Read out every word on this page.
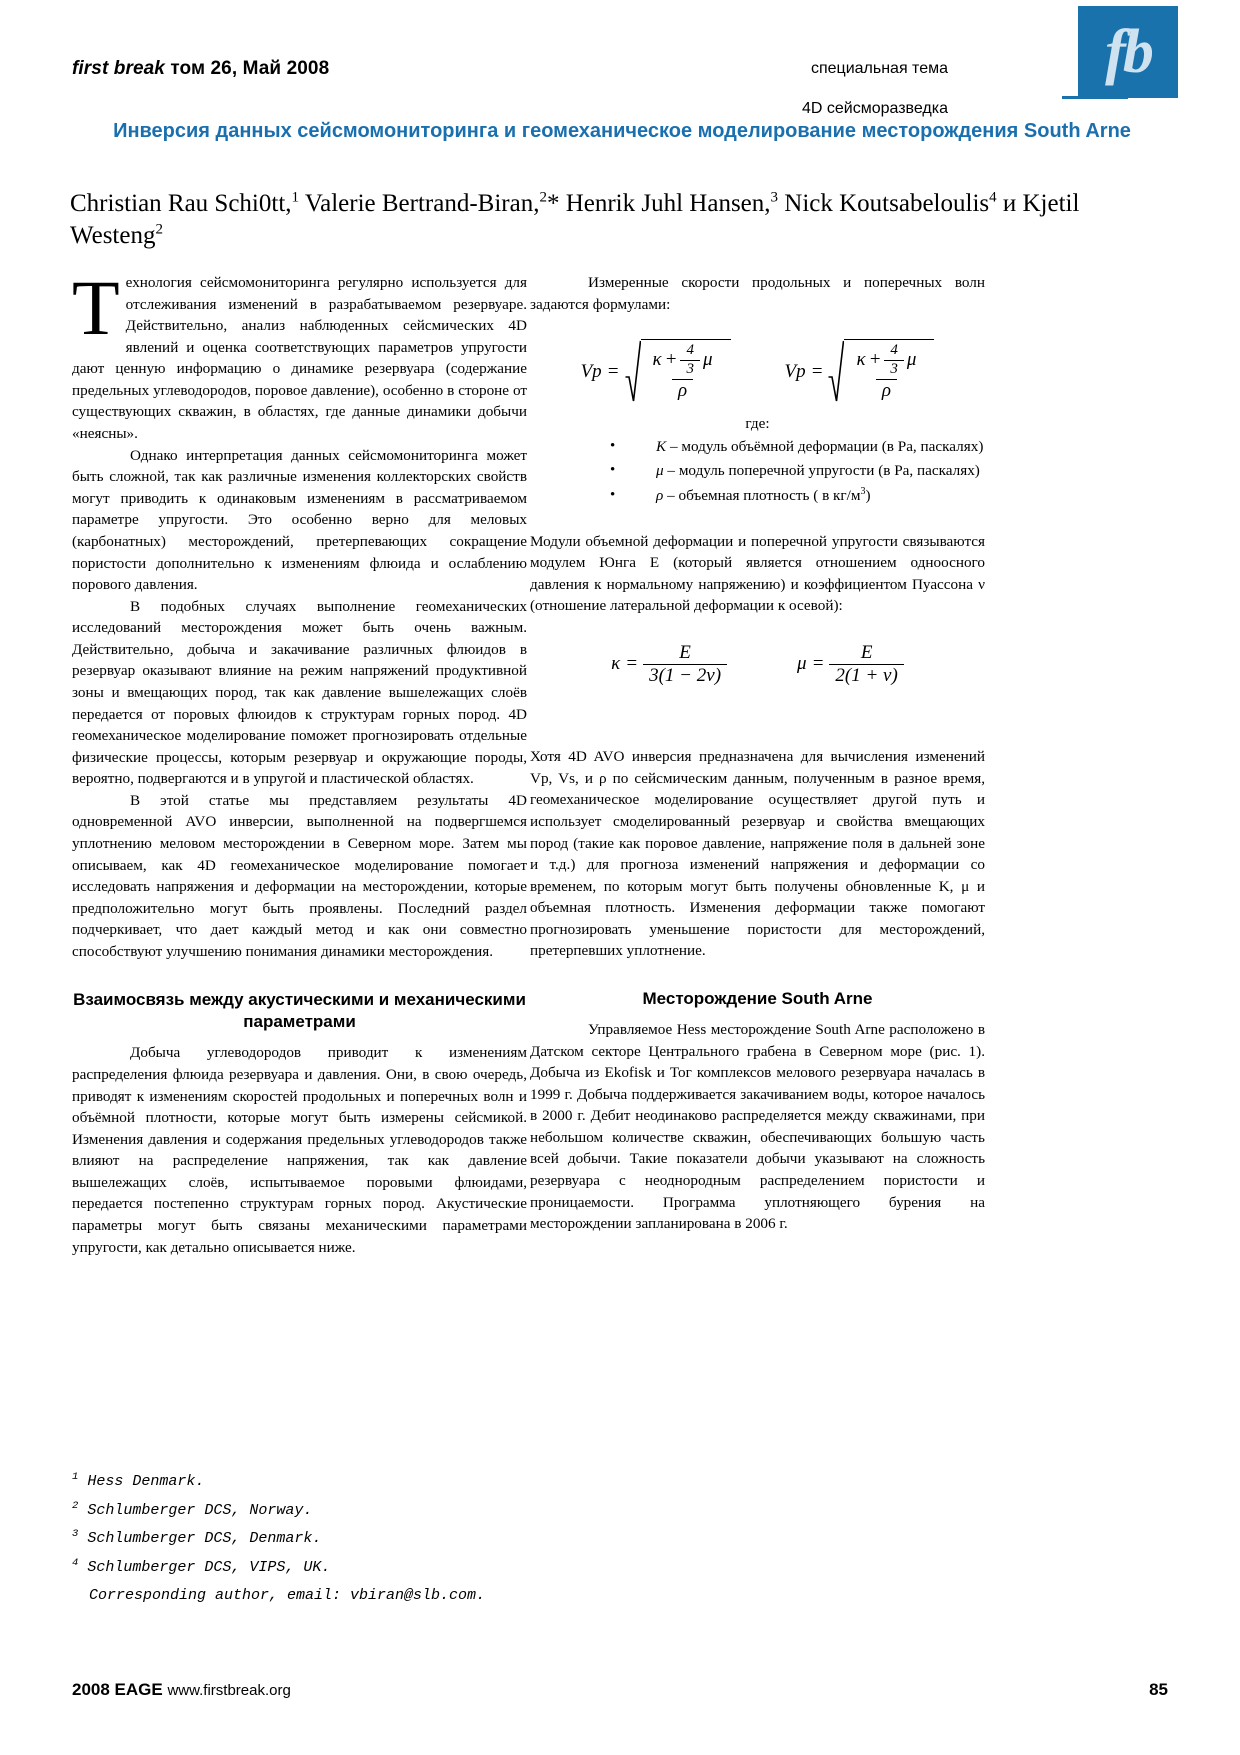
first break том 26, Май 2008	специальная тема
4D сейсморазведка
fb
Инверсия данных сейсмомониторинга и геомеханическое моделирование месторождения South Arne
Christian Rau Schi0tt,$^1$ Valerie Bertrand-Biran,$^2$* Henrik Juhl Hansen,$^3$ Nick Koutsabeloulis$^4$ и Kjetil Westeng$^2$

Технология сейсмомониторинга регулярно используется для отслеживания изменений в разрабатываемом резервуаре. Действительно, анализ наблюденных сейсмических 4D явлений и оценка соответствующих параметров упругости дают ценную информацию о динамике резервуара (содержание предельных углеводородов, поровое давление), особенно в стороне от существующих скважин, в областях, где данные динамики добычи «неясны».

Однако интерпретация данных сейсмомониторинга может быть сложной, так как различные изменения коллекторских свойств могут приводить к одинаковым изменениям в рассматриваемом параметре упругости. Это особенно верно для меловых (карбонатных) месторождений, претерпевающих сокращение пористости дополнительно к изменениям флюида и ослаблению порового давления.

В подобных случаях выполнение геомеханических исследований месторождения может быть очень важным. Действительно, добыча и закачивание различных флюидов в резервуар оказывают влияние на режим напряжений продуктивной зоны и вмещающих пород, так как давление вышележащих слоёв передается от поровых флюидов к структурам горных пород. 4D геомеханическое моделирование поможет прогнозировать отдельные физические процессы, которым резервуар и окружающие породы, вероятно, подвергаются и в упругой и пластической областях.

В этой статье мы представляем результаты 4D одновременной AVO инверсии, выполненной на подвергшемся уплотнению меловом месторождении в Северном море. Затем мы описываем, как 4D геомеханическое моделирование помогает исследовать напряжения и деформации на месторождении, которые предположительно могут быть проявлены. Последний раздел подчеркивает, что дает каждый метод и как они совместно способствуют улучшению понимания динамики месторождения.

Взаимосвязь между акустическими и механическими параметрами

Добыча углеводородов приводит к изменениям распределения флюида резервуара и давления. Они, в свою очередь, приводят к изменениям скоростей продольных и поперечных волн и объёмной плотности, которые могут быть измерены сейсмикой. Изменения давления и содержания предельных углеводородов также влияют на распределение напряжения, так как давление вышележащих слоёв, испытываемое поровыми флюидами, передается постепенно структурам горных пород. Акустические параметры могут быть связаны механическими параметрами упругости, как детально описывается ниже.

Измеренные скорости продольных и поперечных волн задаются формулами:

Vp =
$\kappa + \frac{4}{3}$ μ
ρ
Vp =
$\kappa + \frac{4}{3}$ μ
ρ

где:

• K – модуль объёмной деформации (в Ра, паскалях)
• μ – модуль поперечной упругости (в Ра, паскалях)
• ρ – объемная плотность ( в $кг/м^3$)

Модули объемной деформации и поперечной упругости связываются модулем Юнга Е (который является отношением одноосного давления к нормальному напряжению) и коэффициентом Пуассона ν (отношение латеральной деформации к осевой):

$\kappa = \frac{E}{3(1 - 2\nu)}$	$\mu = \frac{E}{2(1 + \nu)}$

Хотя 4D AVO инверсия предназначена для вычисления изменений Vp, Vs, и ρ по сейсмическим данным, полученным в разное время, геомеханическое моделирование осуществляет другой путь и использует смоделированный резервуар и свойства вмещающих пород (такие как поровое давление, напряжение поля в дальней зоне и т.д.) для прогноза изменений напряжения и деформации со временем, по которым могут быть получены обновленные K, μ и объемная плотность. Изменения деформации также помогают прогнозировать уменьшение пористости для месторождений, претерпевших уплотнение.

Месторождение South Arne

Управляемое Hess месторождение South Arne расположено в Датском секторе Центрального грабена в Северном море (рис. 1). Добыча из Ekofisk и Тог комплексов мелового резервуара началась в 1999 г. Добыча поддерживается закачиванием воды, которое началось в 2000 г. Дебит неодинаково распределяется между скважинами, при небольшом количестве скважин, обеспечивающих большую часть всей добычи. Такие показатели добычи указывают на сложность резервуара с неоднородным распределением пористости и проницаемости. Программа уплотняющего бурения на месторождении запланирована в 2006 г.

$^1$ Hess Denmark.
$^2$ Schlumberger DCS, Norway.
$^3$ Schlumberger DCS, Denmark.
$^4$ Schlumberger DCS, VIPS, UK.
Corresponding author, email: vbiran@slb.com.
2008 EAGE www.firstbreak.org	85
